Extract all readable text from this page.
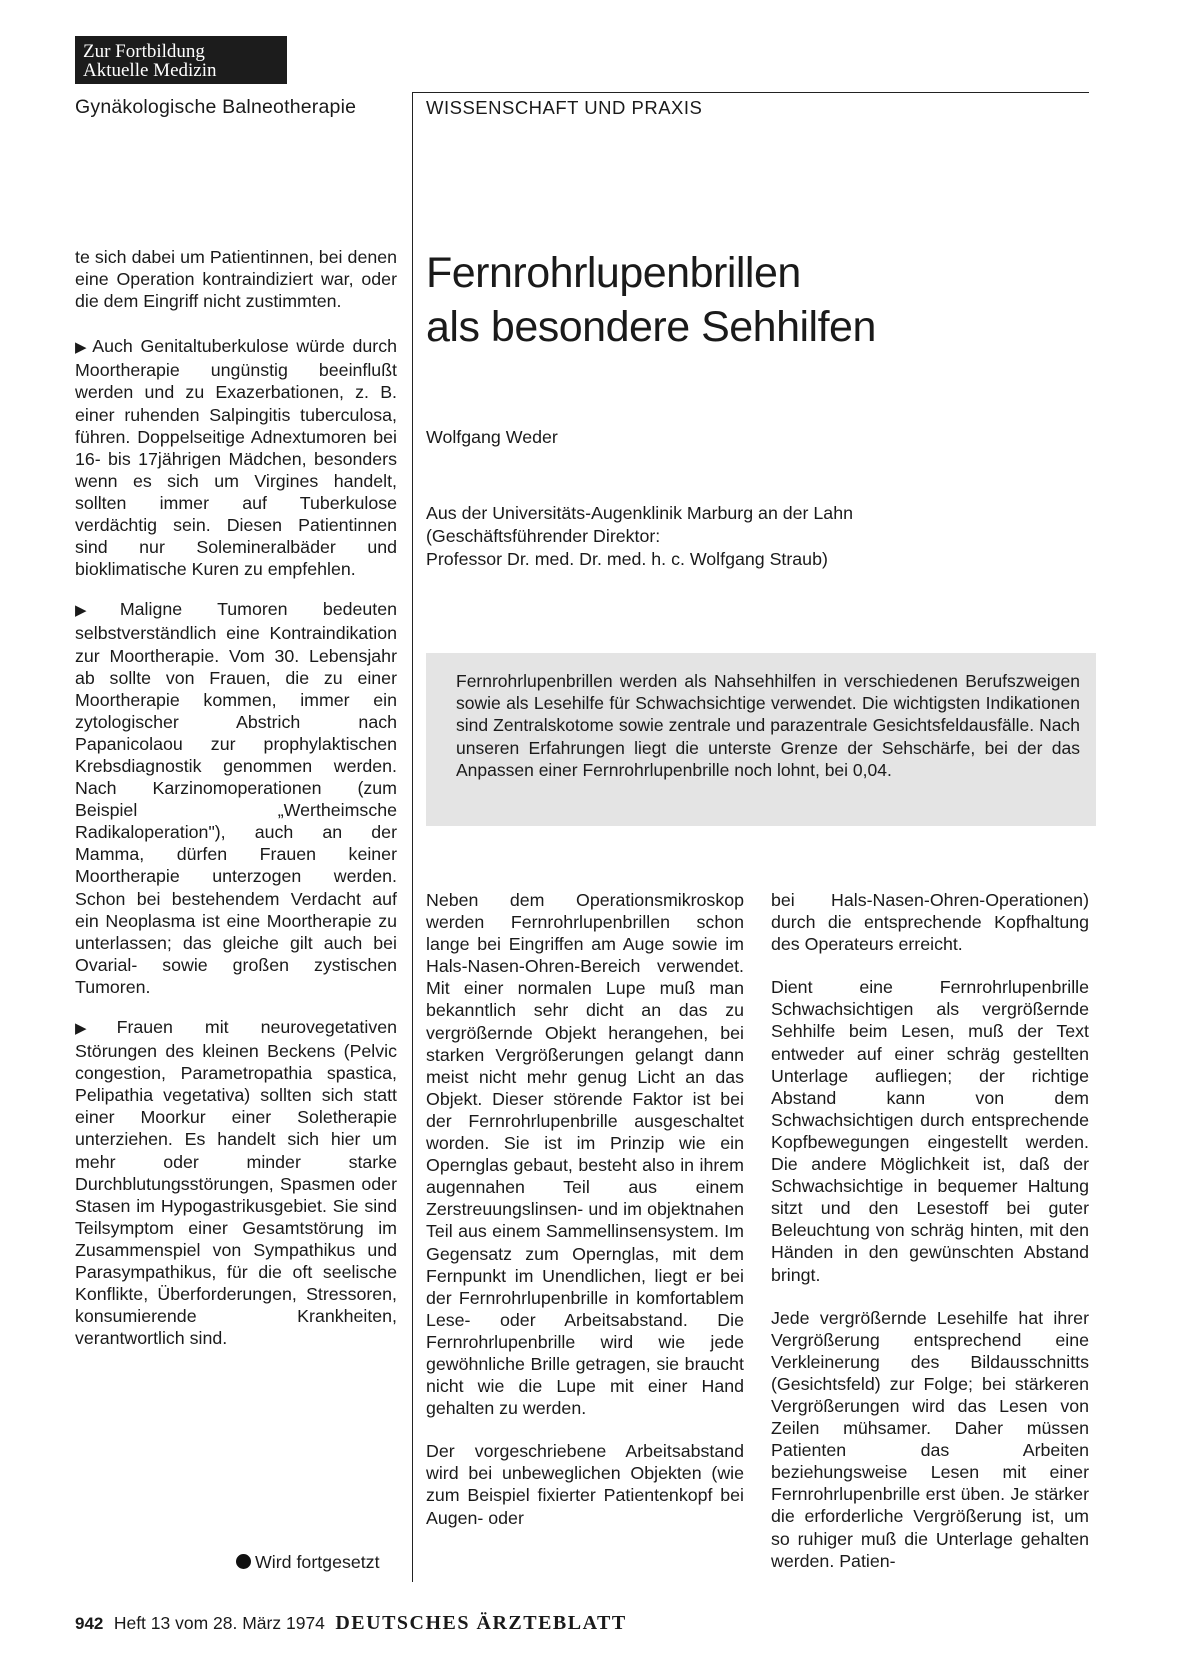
Zur Fortbildung
Aktuelle Medizin
Gynäkologische Balneotherapie	WISSENSCHAFT UND PRAXIS

te sich dabei um Patientinnen, bei denen eine Operation kontraindiziert war, oder die dem Eingriff nicht zustimmten.

▶ Auch Genitaltuberkulose würde durch Moortherapie ungünstig beeinflußt werden und zu Exazerbationen, z. B. einer ruhenden Salpingitis tuberculosa, führen. Doppelseitige Adnextumoren bei 16- bis 17jährigen Mädchen, besonders wenn es sich um Virgines handelt, sollten immer auf Tuberkulose verdächtig sein. Diesen Patientinnen sind nur Solemineralbäder und bioklimatische Kuren zu empfehlen.

▶ Maligne Tumoren bedeuten selbstverständlich eine Kontraindikation zur Moortherapie. Vom 30. Lebensjahr ab sollte von Frauen, die zu einer Moortherapie kommen, immer ein zytologischer Abstrich nach Papanicolaou zur prophylaktischen Krebsdiagnostik genommen werden. Nach Karzinomoperationen (zum Beispiel „Wertheimsche Radikaloperation"), auch an der Mamma, dürfen Frauen keiner Moortherapie unterzogen werden. Schon bei bestehendem Verdacht auf ein Neoplasma ist eine Moortherapie zu unterlassen; das gleiche gilt auch bei Ovarial- sowie großen zystischen Tumoren.

▶ Frauen mit neurovegetativen Störungen des kleinen Beckens (Pelvic congestion, Parametropathia spastica, Pelipathia vegetativa) sollten sich statt einer Moorkur einer Soletherapie unterziehen. Es handelt sich hier um mehr oder minder starke Durchblutungsstörungen, Spasmen oder Stasen im Hypogastrikusgebiet. Sie sind Teilsymptom einer Gesamtstörung im Zusammenspiel von Sympathikus und Parasympathikus, für die oft seelische Konflikte, Überforderungen, Stressoren, konsumierende Krankheiten, verantwortlich sind.

Wird fortgesetzt
Fernrohrlupenbrillen
als besondere Sehhilfen
Wolfgang Weder
Aus der Universitäts-Augenklinik Marburg an der Lahn
(Geschäftsführender Direktor:
Professor Dr. med. Dr. med. h. c. Wolfgang Straub)

Fernrohrlupenbrillen werden als Nahsehhilfen in verschiedenen Berufszweigen sowie als Lesehilfe für Schwachsichtige verwendet. Die wichtigsten Indikationen sind Zentralskotome sowie zentrale und parazentrale Gesichtsfeldausfälle. Nach unseren Erfahrungen liegt die unterste Grenze der Sehschärfe, bei der das Anpassen einer Fernrohrlupenbrille noch lohnt, bei 0,04.

Neben dem Operationsmikroskop werden Fernrohrlupenbrillen schon lange bei Eingriffen am Auge sowie im Hals-Nasen-Ohren-Bereich verwendet. Mit einer normalen Lupe muß man bekanntlich sehr dicht an das zu vergrößernde Objekt herangehen, bei starken Vergrößerungen gelangt dann meist nicht mehr genug Licht an das Objekt. Dieser störende Faktor ist bei der Fernrohrlupenbrille ausgeschaltet worden. Sie ist im Prinzip wie ein Opernglas gebaut, besteht also in ihrem augennahen Teil aus einem Zerstreuungslinsen- und im objektnahen Teil aus einem Sammellinsensystem. Im Gegensatz zum Opernglas, mit dem Fernpunkt im Unendlichen, liegt er bei der Fernrohrlupenbrille in komfortablem Lese- oder Arbeitsabstand. Die Fernrohrlupenbrille wird wie jede gewöhnliche Brille getragen, sie braucht nicht wie die Lupe mit einer Hand gehalten zu werden.

Der vorgeschriebene Arbeitsabstand wird bei unbeweglichen Objekten (wie zum Beispiel fixierter Patientenkopf bei Augen- oder

bei Hals-Nasen-Ohren-Operationen) durch die entsprechende Kopfhaltung des Operateurs erreicht.

Dient eine Fernrohrlupenbrille Schwachsichtigen als vergrößernde Sehhilfe beim Lesen, muß der Text entweder auf einer schräg gestellten Unterlage aufliegen; der richtige Abstand kann von dem Schwachsichtigen durch entsprechende Kopfbewegungen eingestellt werden. Die andere Möglichkeit ist, daß der Schwachsichtige in bequemer Haltung sitzt und den Lesestoff bei guter Beleuchtung von schräg hinten, mit den Händen in den gewünschten Abstand bringt.

Jede vergrößernde Lesehilfe hat ihrer Vergrößerung entsprechend eine Verkleinerung des Bildausschnitts (Gesichtsfeld) zur Folge; bei stärkeren Vergrößerungen wird das Lesen von Zeilen mühsamer. Daher müssen Patienten das Arbeiten beziehungsweise Lesen mit einer Fernrohrlupenbrille erst üben. Je stärker die erforderliche Vergrößerung ist, um so ruhiger muß die Unterlage gehalten werden. Patien-

942 Heft 13 vom 28. März 1974 DEUTSCHES ÄRZTEBLATT
